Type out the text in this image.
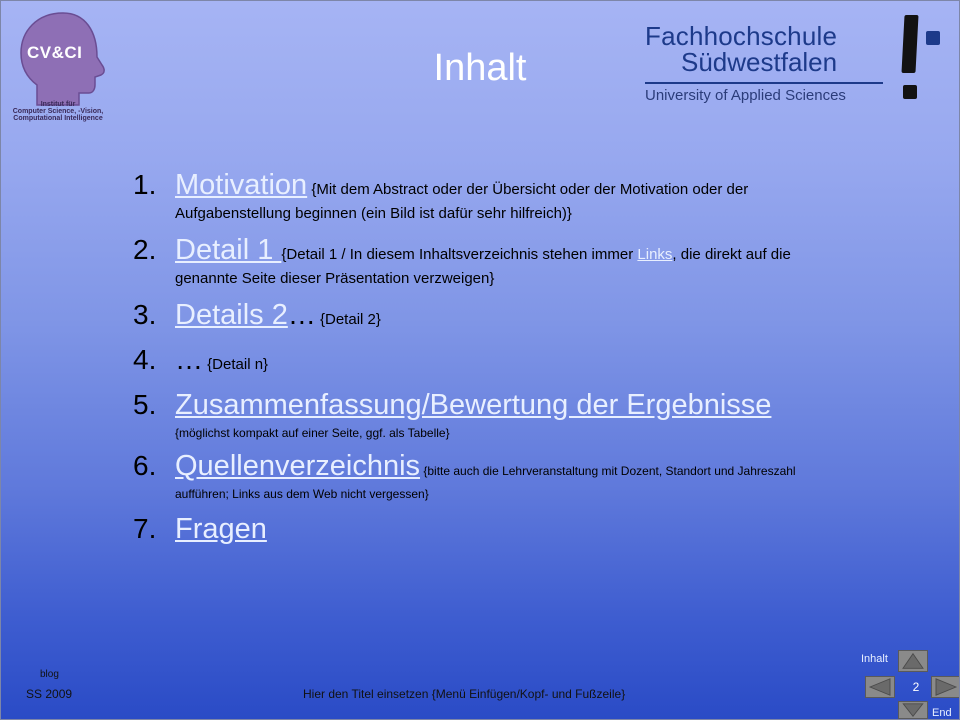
CV&CI
Institut für
Computer Science, -Vision,
Computational Intelligence
Inhalt
Fachhochschule
Südwestfalen
University of Applied Sciences
1. Motivation {Mit dem Abstract oder der Übersicht oder der Motivation oder der Aufgabenstellung beginnen (ein Bild ist dafür sehr hilfreich)}
2. Detail 1 {Detail 1 / In diesem Inhaltsverzeichnis stehen immer Links, die direkt auf die genannte Seite dieser Präsentation verzweigen}
3. Details 2… {Detail 2}
4. … {Detail n}
5. Zusammenfassung/Bewertung der Ergebnisse
{möglichst kompakt auf einer Seite, ggf. als Tabelle}
6. Quellenverzeichnis {bitte auch die Lehrveranstaltung mit Dozent, Standort und Jahreszahl aufführen; Links aus dem Web nicht vergessen}
7. Fragen
blog
SS 2009	Hier den Titel einsetzen {Menü Einfügen/Kopf- und Fußzeile}
Inhalt
2
End
